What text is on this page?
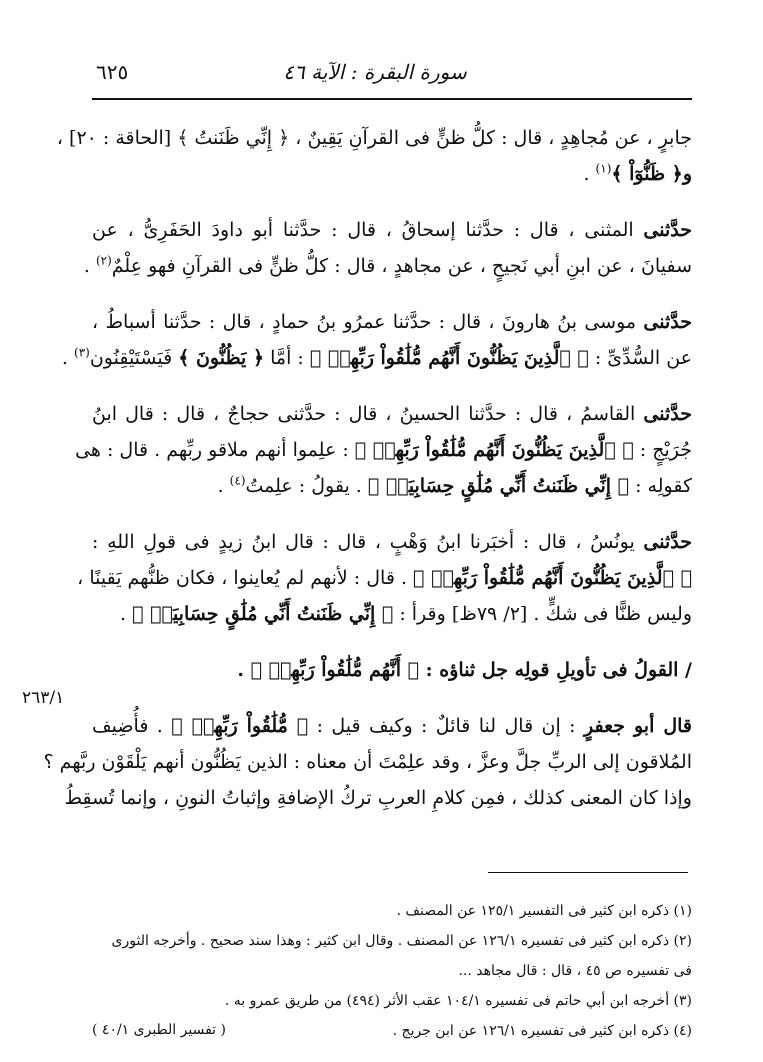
٦٢٥	سورة البقرة : الآية ٤٦
٢٦٣/١
جابرٍ ، عن مُجاهِدٍ ، قال : كلُّ ظنٍّ فى القرآنِ يَقِينٌ ، ﴿ إِنِّي ظَنَنتُ ﴾ [الحاقة : ٢٠] ،
و﴿ ظَنُّوٓاْ ﴾$^{(١)}$ .
حدَّثنى المثنى ، قال : حدَّثنا إسحاقُ ، قال : حدَّثنا أبو داودَ الحَفَرِىُّ ، عن
سفيانَ ، عن ابنِ أبي نَجيحٍ ، عن مجاهدٍ ، قال : كلُّ ظنٍّ فى القرآنِ فهو عِلْمٌ$^{(٢)}$ .
حدَّثنى موسى بنُ هارونَ ، قال : حدَّثنا عمرُو بنُ حمادٍ ، قال : حدَّثنا أسباطُ ،
عن السُّدِّىِّ : ﴿ ٱلَّذِينَ يَظُنُّونَ أَنَّهُم مُّلَٰقُواْ رَبِّهِمۡ ﴾ : أمَّا ﴿ يَظُنُّونَ ﴾ فَيَسْتَيْقِنُون$^{(٣)}$ .
حدَّثنى القاسمُ ، قال : حدَّثنا الحسينُ ، قال : حدَّثنى حجاجٌ ، قال : قال ابنُ
جُرَيْجٍ : ﴿ ٱلَّذِينَ يَظُنُّونَ أَنَّهُم مُّلَٰقُواْ رَبِّهِمۡ ﴾ : علِموا أنهم ملاقو ربِّهم . قال : هى
كقولِه : ﴿ إِنِّي ظَنَنتُ أَنِّي مُلَٰقٍ حِسَابِيَهۡ ﴾ . يقولُ : علِمتُ$^{(٤)}$ .
حدَّثنى يونُسُ ، قال : أخبَرنا ابنُ وَهْبٍ ، قال : قال ابنُ زيدٍ فى قولِ اللهِ :
﴿ ٱلَّذِينَ يَظُنُّونَ أَنَّهُم مُّلَٰقُواْ رَبِّهِمۡ ﴾ . قال : لأنهم لم يُعاينوا ، فكان ظنُّهم يَقينًا ،
وليس ظنًّا فى شكٍّ . [٢/ ٧٩ظ] وقرأ : ﴿ إِنِّي ظَنَنتُ أَنِّي مُلَٰقٍ حِسَابِيَهۡ ﴾ .
/ القولُ فى تأويلِ قولِه جل ثناؤه : ﴿ أَنَّهُم مُّلَٰقُواْ رَبِّهِمۡ ﴾ .
قال أبو جعفرٍ : إن قال لنا قائلٌ : وكيف قيل : ﴿ مُّلَٰقُواْ رَبِّهِمۡ ﴾ . فأُضِيف
المُلاقون إلى الربِّ جلَّ وعزَّ ، وقد علِمْتَ أن معناه : الذين يَظُنُّون أنهم يَلْقَوْن ربَّهم ؟
وإذا كان المعنى كذلك ، فمِن كلامِ العربِ تركُ الإضافةِ وإثباتُ النونِ ، وإنما تُسقِطُ
(١) ذكره ابن كثير فى التفسير ١٢٥/١ عن المصنف .
(٢) ذكره ابن كثير فى تفسيره ١٢٦/١ عن المصنف . وقال ابن كثير : وهذا سند صحيح . وأخرجه الثورى
فى تفسيره ص ٤٥ ، قال : قال مجاهد ...
(٣) أخرجه ابن أبي حاتم فى تفسيره ١٠٤/١ عقب الأثر (٤٩٤) من طريق عمرو به .
(٤) ذكره ابن كثير فى تفسيره ١٢٦/١ عن ابن جريج .
( تفسير الطبرى ٤٠/١ )
